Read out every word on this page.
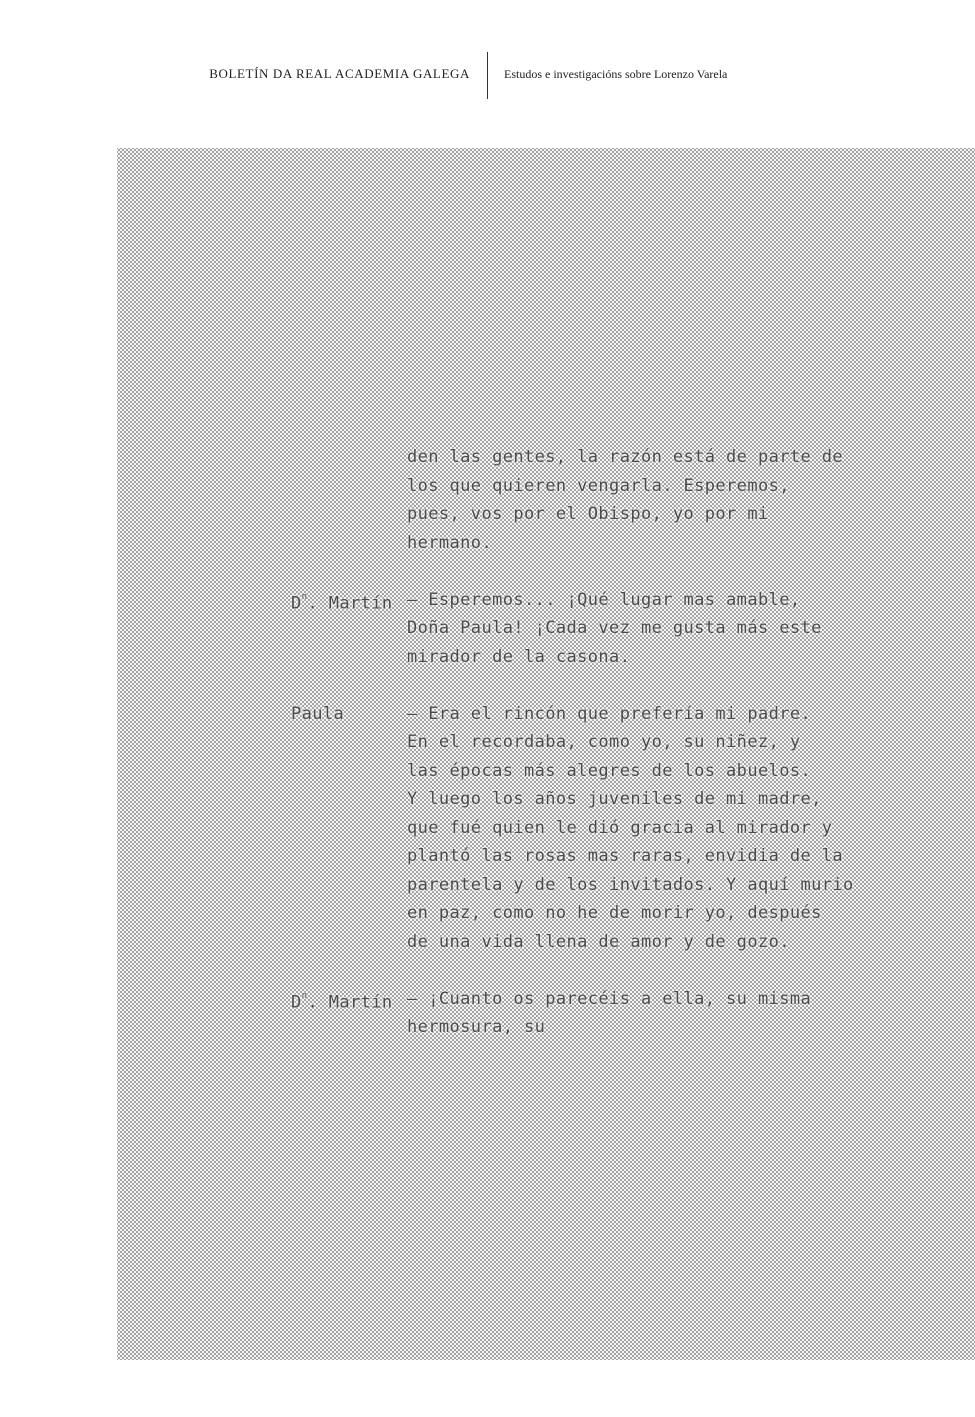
BOLETÍN DA REAL ACADEMIA GALEGA	Estudos e investigacións sobre Lorenzo Varela
den las gentes, la razón está de parte de
los que quieren vengarla. Esperemos,
pues, vos por el Obispo, yo por mi
hermano.
$D^n$. Martín – Esperemos... ¡Qué lugar mas amable,
Doña Paula! ¡Cada vez me gusta más este
mirador de la casona.
Paula	– Era el rincón que prefería mi padre.
En el recordaba, como yo, su niñez, y
las épocas más alegres de los abuelos.
Y luego los años juveniles de mi madre,
que fué quien le dió gracia al mirador y
plantó las rosas mas raras, envidia de la
parentela y de los invitados. Y aquí murio
en paz, como no he de morir yo, después
de una vida llena de amor y de gozo.
$D^n$. Martín – ¡Cuanto os parecéis a ella, su misma
hermosura, su
